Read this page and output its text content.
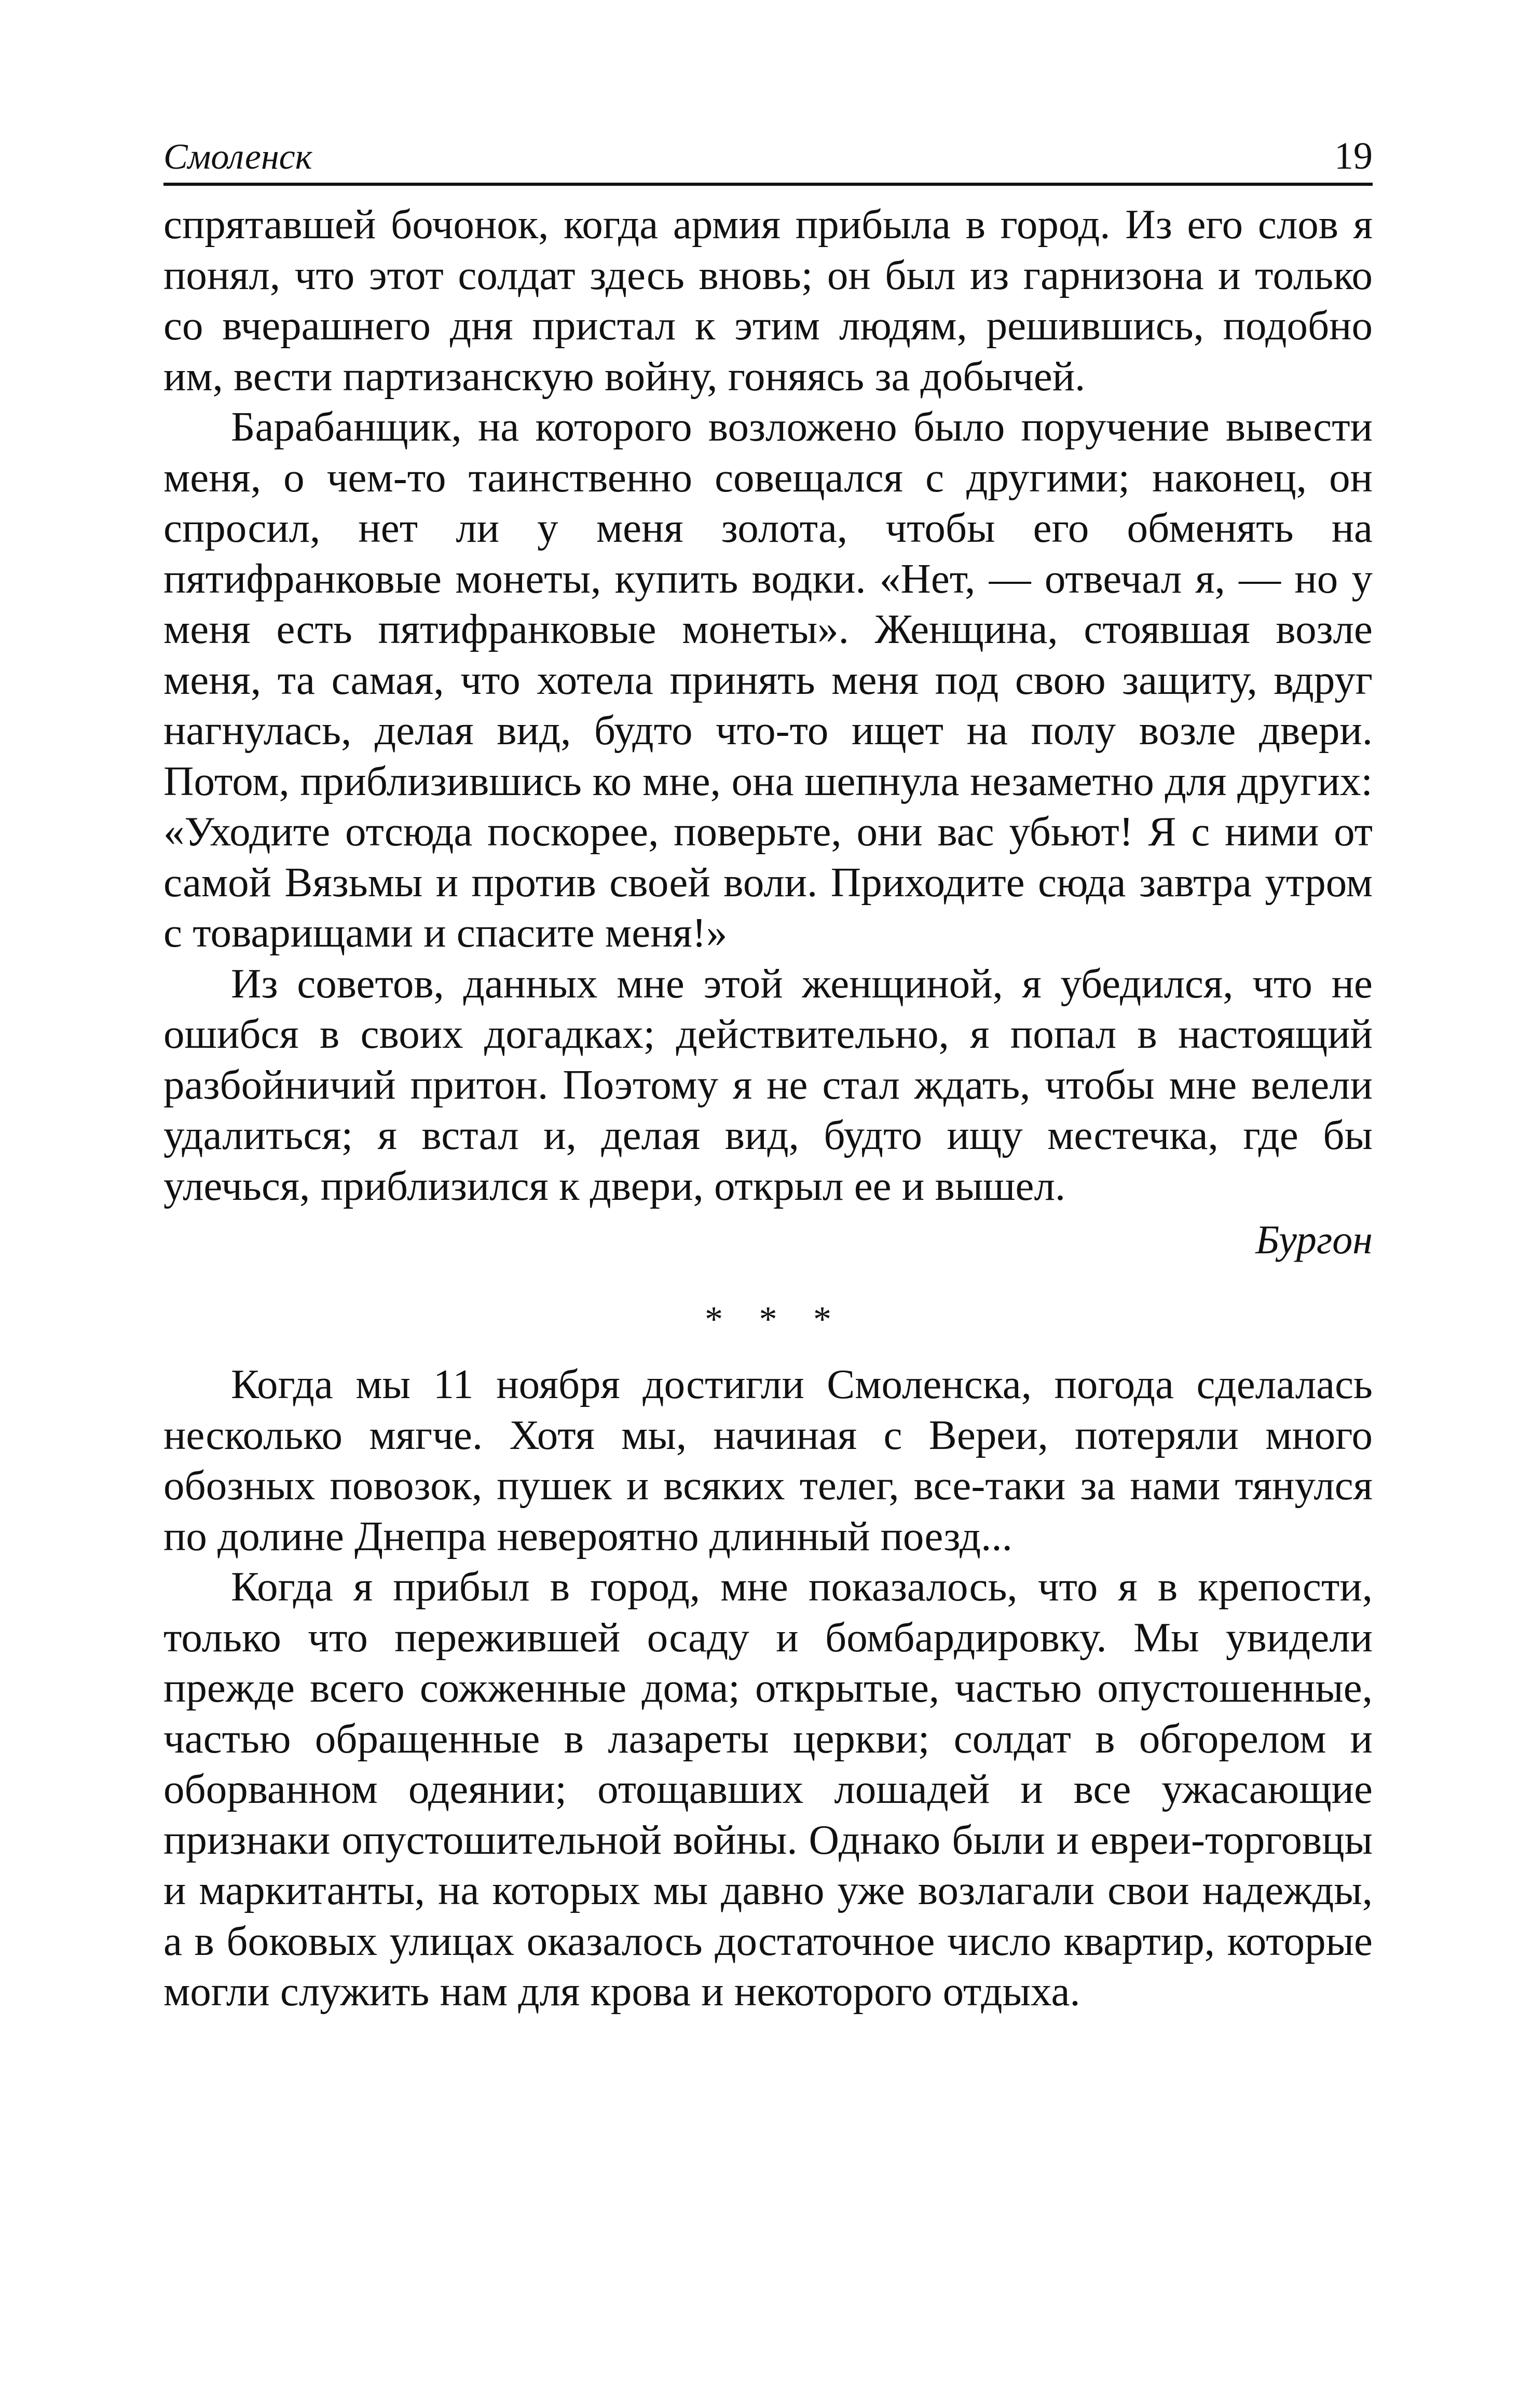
Смоленск	19

спрятавшей бочонок, когда армия прибыла в город. Из его слов я понял, что этот солдат здесь вновь; он был из гарнизона и только со вчерашнего дня пристал к этим людям, решившись, подобно им, вести партизанскую войну, гоняясь за добычей.

Барабанщик, на которого возложено было поручение вывести меня, о чем-то таинственно совещался с другими; наконец, он спросил, нет ли у меня золота, чтобы его обменять на пятифранковые монеты, купить водки. «Нет, — отвечал я, — но у меня есть пятифранковые монеты». Женщина, стоявшая возле меня, та самая, что хотела принять меня под свою защиту, вдруг нагнулась, делая вид, будто что-то ищет на полу возле двери. Потом, приблизившись ко мне, она шепнула незаметно для других: «Уходите отсюда поскорее, поверьте, они вас убьют! Я с ними от самой Вязьмы и против своей воли. Приходите сюда завтра утром с товарищами и спасите меня!»

Из советов, данных мне этой женщиной, я убедился, что не ошибся в своих догадках; действительно, я попал в настоящий разбойничий притон. Поэтому я не стал ждать, чтобы мне велели удалиться; я встал и, делая вид, будто ищу местечка, где бы улечься, приблизился к двери, открыл ее и вышел.

Бургон

* * *

Когда мы 11 ноября достигли Смоленска, погода сделалась несколько мягче. Хотя мы, начиная с Вереи, потеряли много обозных повозок, пушек и всяких телег, все-таки за нами тянулся по долине Днепра невероятно длинный поезд...

Когда я прибыл в город, мне показалось, что я в крепости, только что пережившей осаду и бомбардировку. Мы увидели прежде всего сожженные дома; открытые, частью опустошенные, частью обращенные в лазареты церкви; солдат в обгорелом и оборванном одеянии; отощавших лошадей и все ужасающие признаки опустошительной войны. Однако были и евреи-торговцы и маркитанты, на которых мы давно уже возлагали свои надежды, а в боковых улицах оказалось достаточное число квартир, которые могли служить нам для крова и некоторого отдыха.
